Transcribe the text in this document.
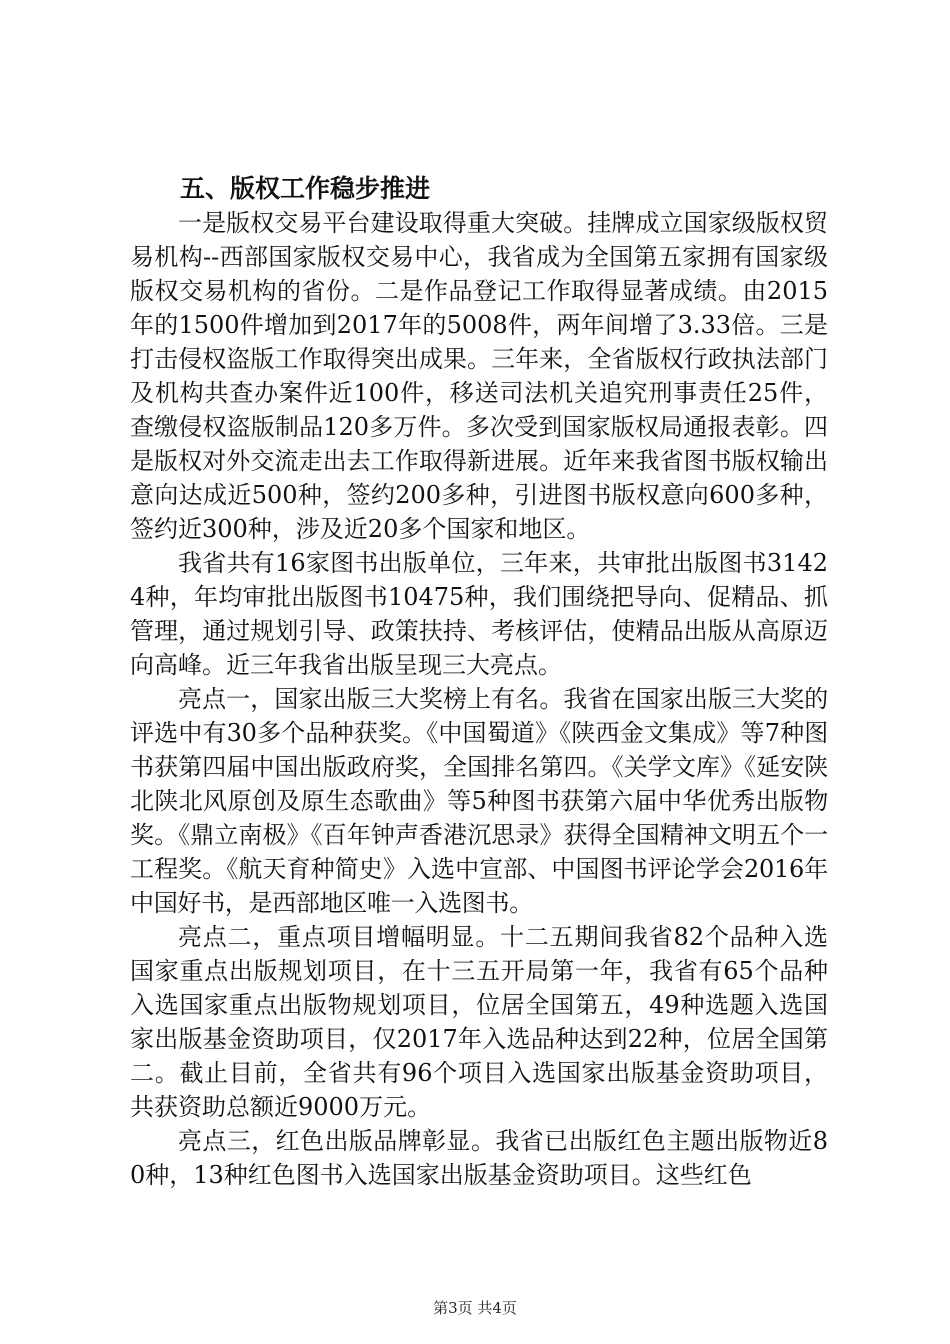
五、版权工作稳步推进

一是版权交易平台建设取得重大突破。挂牌成立国家级版权贸易机构--西部国家版权交易中心，我省成为全国第五家拥有国家级版权交易机构的省份。二是作品登记工作取得显著成绩。由2015年的1500件增加到2017年的5008件，两年间增了3.33倍。三是打击侵权盗版工作取得突出成果。三年来，全省版权行政执法部门及机构共查办案件近100件，移送司法机关追究刑事责任25件，查缴侵权盗版制品120多万件。多次受到国家版权局通报表彰。四是版权对外交流走出去工作取得新进展。近年来我省图书版权输出意向达成近500种，签约200多种，引进图书版权意向600多种，签约近300种，涉及近20多个国家和地区。

我省共有16家图书出版单位，三年来，共审批出版图书31424种，年均审批出版图书10475种，我们围绕把导向、促精品、抓管理，通过规划引导、政策扶持、考核评估，使精品出版从高原迈向高峰。近三年我省出版呈现三大亮点。

亮点一，国家出版三大奖榜上有名。我省在国家出版三大奖的评选中有30多个品种获奖。《中国蜀道》《陕西金文集成》等7种图书获第四届中国出版政府奖，全国排名第四。《关学文库》《延安陕北陕北风原创及原生态歌曲》等5种图书获第六届中华优秀出版物奖。《鼎立南极》《百年钟声香港沉思录》获得全国精神文明五个一工程奖。《航天育种简史》入选中宣部、中国图书评论学会2016年中国好书，是西部地区唯一入选图书。

亮点二，重点项目增幅明显。十二五期间我省82个品种入选国家重点出版规划项目，在十三五开局第一年，我省有65个品种入选国家重点出版物规划项目，位居全国第五，49种选题入选国家出版基金资助项目，仅2017年入选品种达到22种，位居全国第二。截止目前，全省共有96个项目入选国家出版基金资助项目，共获资助总额近9000万元。

亮点三，红色出版品牌彰显。我省已出版红色主题出版物近80种，13种红色图书入选国家出版基金资助项目。这些红色

第3页 共4页
